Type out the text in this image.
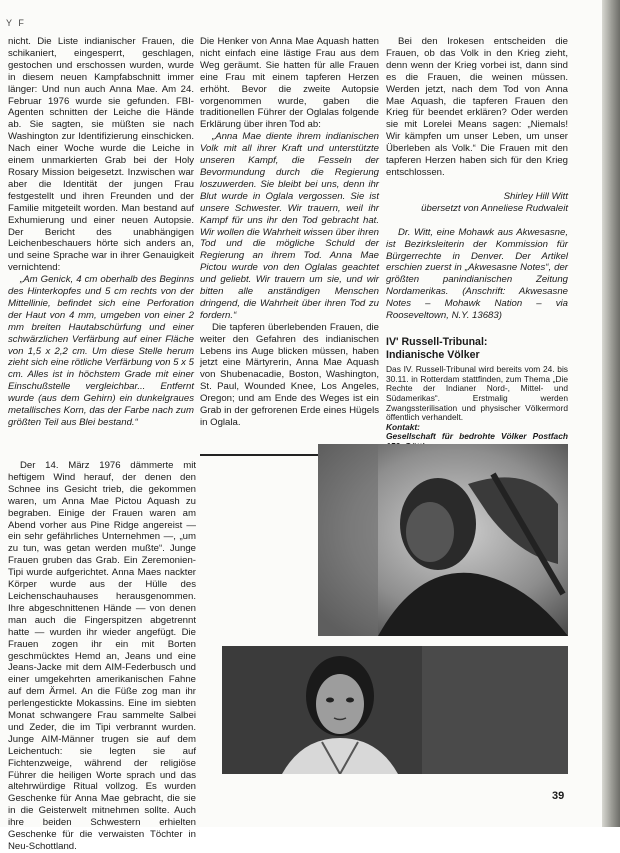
Y F

nicht. Die Liste indianischer Frauen, die schikaniert, eingesperrt, geschlagen, gestochen und erschossen wurden, wurde in diesem neuen Kampfabschnitt immer länger: Und nun auch Anna Mae. Am 24. Februar 1976 wurde sie gefunden. FBI-Agenten schnitten der Leiche die Hände ab. Sie sagten, sie müßten sie nach Washington zur Identifizierung einschicken. Nach einer Woche wurde die Leiche in einem unmarkierten Grab bei der Holy Rosary Mission beigesetzt. Inzwischen war aber die Identität der jungen Frau festgestellt und ihren Freunden und der Familie mitgeteilt worden. Man bestand auf Exhumierung und einer neuen Autopsie. Der Bericht des unabhängigen Leichenbeschauers hörte sich anders an, und seine Sprache war in ihrer Genauigkeit vernichtend:

„Am Genick, 4 cm oberhalb des Beginns des Hinterkopfes und 5 cm rechts von der Mittellinie, befindet sich eine Perforation der Haut von 4 mm, umgeben von einer 2 mm breiten Hautabschürfung und einer schwärzlichen Verfärbung auf einer Fläche von 1,5 x 2,2 cm. Um diese Stelle herum zieht sich eine rötliche Verfärbung von 5 x 5 cm. Alles ist in höchstem Grade mit einer Einschußstelle vergleichbar... Entfernt wurde (aus dem Gehirn) ein dunkelgraues metallisches Korn, das der Farbe nach zum größten Teil aus Blei bestand.“

Der 14. März 1976 dämmerte mit heftigem Wind herauf, der denen den Schnee ins Gesicht trieb, die gekommen waren, um Anna Mae Pictou Aquash zu begraben. Einige der Frauen waren am Abend vorher aus Pine Ridge angereist — ein sehr gefährliches Unternehmen —, „um zu tun, was getan werden mußte“. Junge Frauen gruben das Grab. Ein Zeremonien-Tipi wurde aufgerichtet. Anna Maes nackter Körper wurde aus der Hülle des Leichenschauhauses herausgenommen. Ihre abgeschnittenen Hände — von denen man auch die Fingerspitzen abgetrennt hatte — wurden ihr wieder angefügt. Die Frauen zogen ihr ein mit Borten geschmücktes Hemd an, Jeans und eine Jeans-Jacke mit dem AIM-Federbusch und einer umgekehrten amerikanischen Fahne auf dem Ärmel. An die Füße zog man ihr perlengestickte Mokassins. Eine im siebten Monat schwangere Frau sammelte Salbei und Zeder, die im Tipi verbrannt wurden. Junge AIM-Männer trugen sie auf dem Leichentuch: sie legten sie auf Fichtenzweige, während der religiöse Führer die heiligen Worte sprach und das altehrwürdige Ritual vollzog. Es wurden Geschenke für Anna Mae gebracht, die sie in die Geisterwelt mitnehmen sollte. Auch ihre beiden Schwestern erhielten Geschenke für die verwaisten Töchter in Neu-Schottland.

Die Henker von Anna Mae Aquash hatten nicht einfach eine lästige Frau aus dem Weg geräumt. Sie hatten für alle Frauen eine Frau mit einem tapferen Herzen erhöht. Bevor die zweite Autopsie vorgenommen wurde, gaben die traditionellen Führer der Oglalas folgende Erklärung über ihren Tod ab:

„Anna Mae diente ihrem indianischen Volk mit all ihrer Kraft und unterstützte unseren Kampf, die Fesseln der Bevormundung durch die Regierung loszuwerden. Sie bleibt bei uns, denn ihr Blut wurde in Oglala vergossen. Sie ist unsere Schwester. Wir trauern, weil ihr Kampf für uns ihr den Tod gebracht hat. Wir wollen die Wahrheit wissen über ihren Tod und die mögliche Schuld der Regierung an ihrem Tod. Anna Mae Pictou wurde von den Oglalas geachtet und geliebt. Wir trauern um sie, und wir bitten alle anständigen Menschen dringend, die Wahrheit über ihren Tod zu fordern.“

Die tapferen überlebenden Frauen, die weiter den Gefahren des indianischen Lebens ins Auge blicken müssen, haben jetzt eine Märtyrerin, Anna Mae Aquash von Shubenacadie, Boston, Washington, St. Paul, Wounded Knee, Los Angeles, Oregon; und am Ende des Weges ist ein Grab in der gefrorenen Erde eines Hügels in Oglala.

Bei den Irokesen entscheiden die Frauen, ob das Volk in den Krieg zieht, denn wenn der Krieg vorbei ist, dann sind es die Frauen, die weinen müssen. Werden jetzt, nach dem Tod von Anna Mae Aquash, die tapferen Frauen den Krieg für beendet erklären? Oder werden sie mit Lorelei Means sagen: „Niemals! Wir kämpfen um unser Leben, um unser Überleben als Volk.“ Die Frauen mit den tapferen Herzen haben sich für den Krieg entschlossen.

Shirley Hill Witt

übersetzt von Anneliese Rudwaleit

Dr. Witt, eine Mohawk aus Akwesasne, ist Bezirksleiterin der Kommission für Bürgerrechte in Denver. Der Artikel erschien zuerst in „Akwesasne Notes“, der größten panindianischen Zeitung Nordamerikas. (Anschrift: Akwesasne Notes – Mohawk Nation – via Rooseveltown, N.Y. 13683)

IV' Russell-Tribunal:
Indianische Völker
Das IV. Russell-Tribunal wird bereits vom 24. bis 30.11. in Rotterdam stattfinden, zum Thema „Die Rechte der Indianer Nord-, Mittel- und Südamerikas“. Erstmalig werden Zwangssterilisation und physischer Völkermord öffentlich verhandelt.
Kontakt:
Gesellschaft für bedrohte Völker Postfach
39
